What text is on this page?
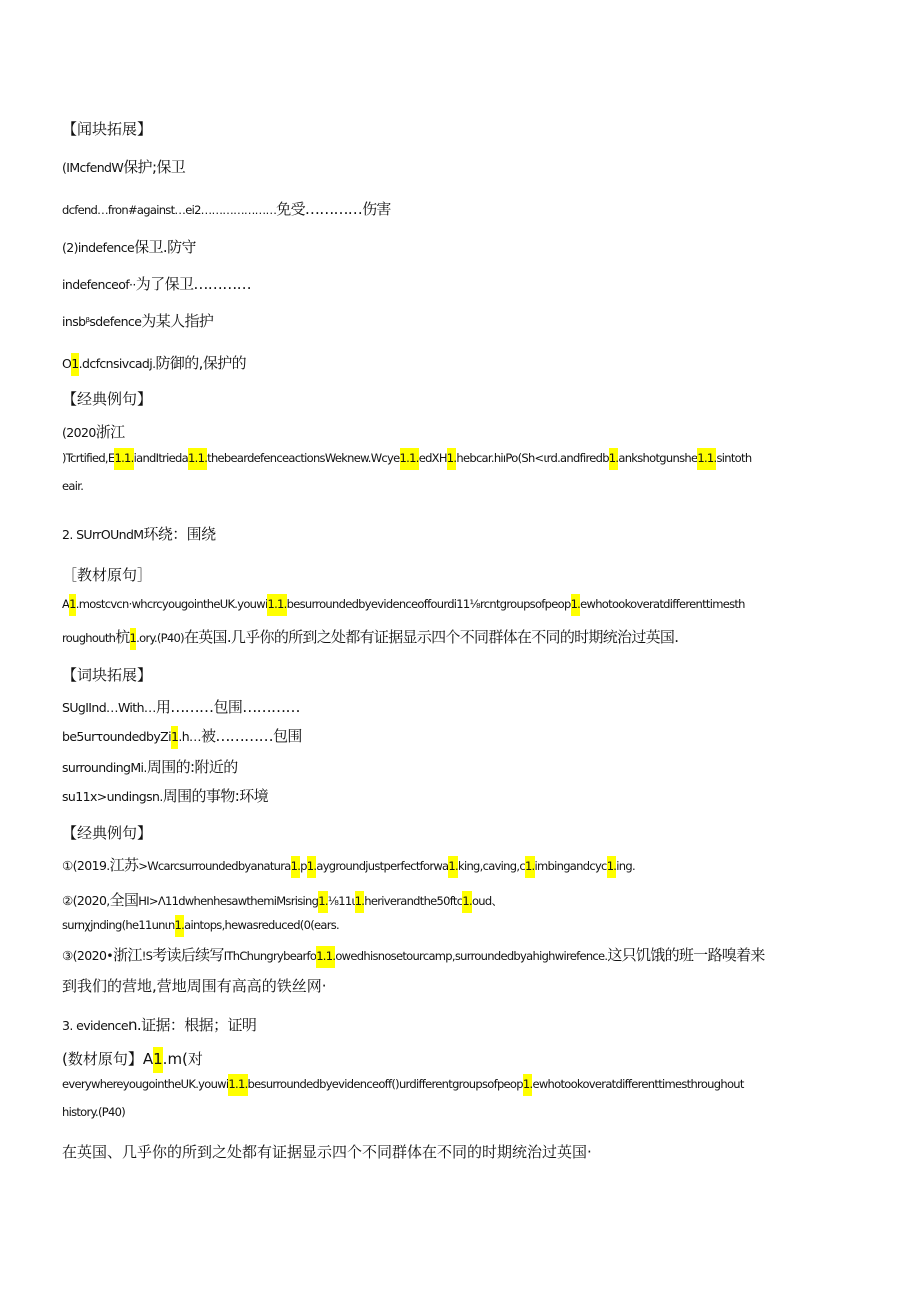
【闻块拓展】
(IMcfendW保护;保卫
dcfend…fron#against…ei2…………………免受…………伤害
(2)indefence保卫.防守
indefenceof··为了保卫…………
insbᵝsdefence为某人指护
O1.dcfcnsivcadj.防御的,保护的
【经典例句】
(2020浙江
)Tcrtified,E1.1.iandItrieda1.1.thebeardefenceactionsWeknew.Wcye1.1.edXH1.hebcar.hiıPo(Sh<ιrd.andfiredb1.ankshotgunshe1.1.sintoth
eair.
2. SUrrOUndM环绕：围绕
［教材原句］
A1.mostcvcn·whcrcyougointheUK.youwi1.1.besurroundedbyevidenceoffourdi11⅛rcntgroupsofpeop1.ewhotookoveratdifferenttimesth
roughouth杭1.ory.(P40)在英国.几乎你的所到之处都有证据显示四个不同群体在不同的时期统治过英国.
【词块拓展】
SUgIInd…With…用………包围…………
be5urτoundedbyZi1.h…被…………包围
surroundingMi.周围的:附近的
su11x>undingsn.周围的事物:环境
【经典例句】
①(2019.江苏>Wcarcsurroundedbyanatura1.p1.aygroundjustperfectforwa1.king,caving,c1.imbingandcyc1.ing.
②(2020,全国HI>Λ11dwhenhesawthemiMsrising1.⅛11ι1.heriverandthe50ftc1.oud、
surnχjnding(he11unιn1.aintops,hewasreduced(0(ears.
③(2020•浙江!S考读后续写IThChungrybearfo1.1.owedhisnosetourcamp,surroundedbyahighwirefence.这只饥饿的班一路嗅着来
到我们的营地,营地周围有高高的铁丝网·
3. evidencen.证据：根据；证明
(数材原句】A1.m(对
everywhereyougointheUK.youwi1.1.besurroundedbyevidenceoff()urdifferentgroupsofpeop1.ewhotookoveratdifferenttimesthroughout
history.(P40)
在英国、几乎你的所到之处都有证据显示四个不同群体在不同的时期统治过英国·
